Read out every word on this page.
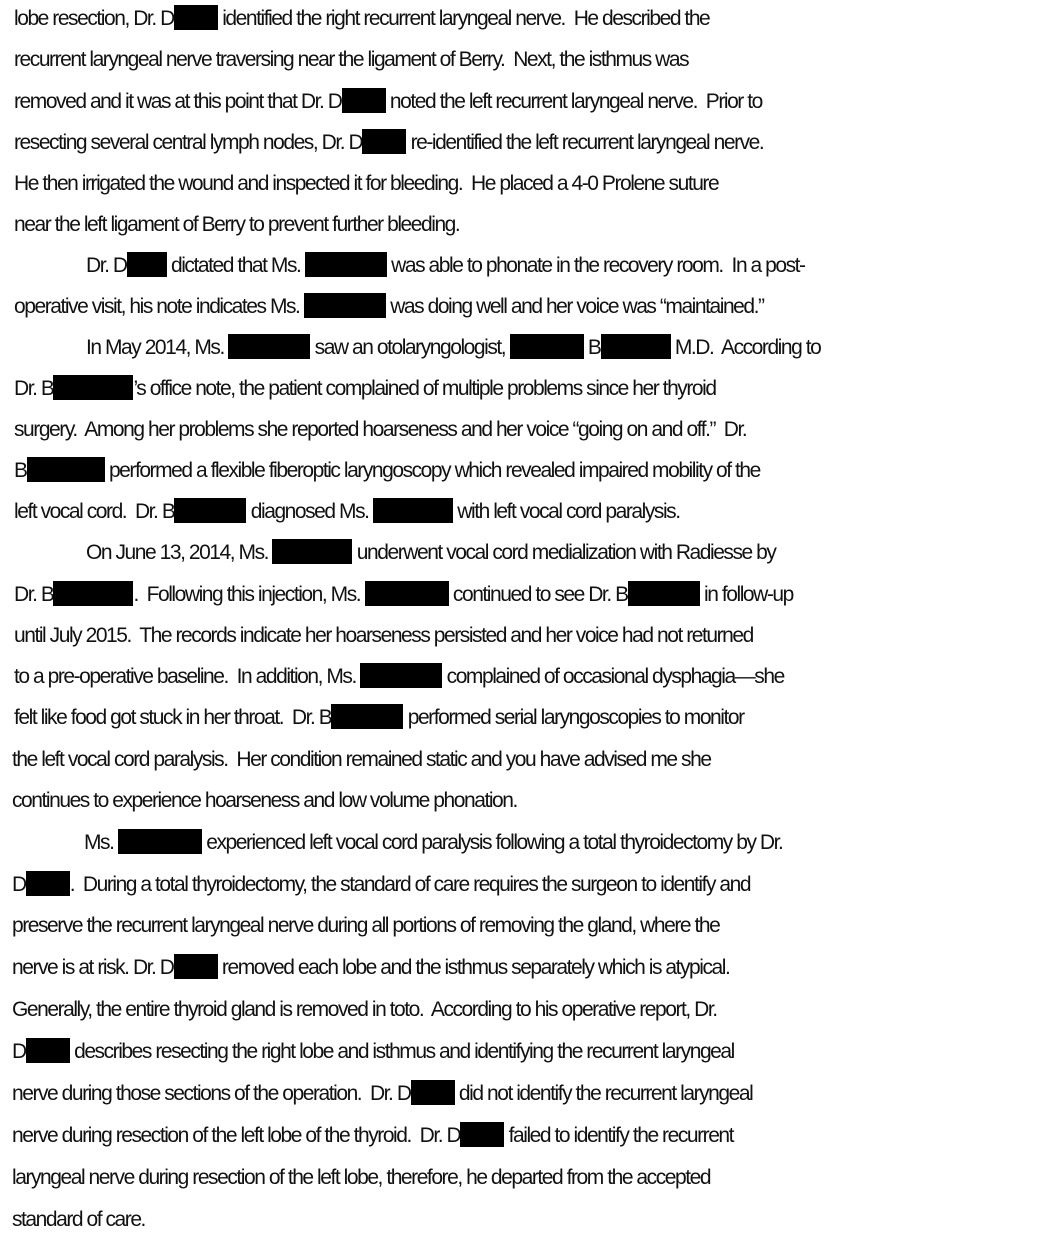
lobe resection, Dr. D identified the right recurrent laryngeal nerve.  He described the
recurrent laryngeal nerve traversing near the ligament of Berry.  Next, the isthmus was
removed and it was at this point that Dr. D noted the left recurrent laryngeal nerve.  Prior to
resecting several central lymph nodes, Dr. D re-identified the left recurrent laryngeal nerve.
He then irrigated the wound and inspected it for bleeding.  He placed a 4-0 Prolene suture
near the left ligament of Berry to prevent further bleeding.
Dr. D dictated that Ms.	was able to phonate in the recovery room.  In a post-
operative visit, his note indicates Ms.	was doing well and her voice was “maintained.”
In May 2014, Ms.	saw an otolaryngologist,	B	M.D.  According to
Dr. B	’s office note, the patient complained of multiple problems since her thyroid
surgery.  Among her problems she reported hoarseness and her voice “going on and off.”  Dr.
B	performed a flexible fiberoptic laryngoscopy which revealed impaired mobility of the
left vocal cord.  Dr. B	diagnosed Ms.	with left vocal cord paralysis.
On June 13, 2014, Ms.	underwent vocal cord medialization with Radiesse by
Dr. B	.  Following this injection, Ms.	continued to see Dr. B	in follow-up
until July 2015.  The records indicate her hoarseness persisted and her voice had not returned
to a pre-operative baseline.  In addition, Ms.	complained of occasional dysphagia—she
felt like food got stuck in her throat.  Dr. B	performed serial laryngoscopies to monitor
the left vocal cord paralysis.  Her condition remained static and you have advised me she
continues to experience hoarseness and low volume phonation.
Ms.	experienced left vocal cord paralysis following a total thyroidectomy by Dr.
D .  During a total thyroidectomy, the standard of care requires the surgeon to identify and
preserve the recurrent laryngeal nerve during all portions of removing the gland, where the
nerve is at risk. Dr. D removed each lobe and the isthmus separately which is atypical.
Generally, the entire thyroid gland is removed in toto.  According to his operative report, Dr.
D describes resecting the right lobe and isthmus and identifying the recurrent laryngeal
nerve during those sections of the operation.  Dr. D did not identify the recurrent laryngeal
nerve during resection of the left lobe of the thyroid.  Dr. D failed to identify the recurrent
laryngeal nerve during resection of the left lobe, therefore, he departed from the accepted
standard of care.
